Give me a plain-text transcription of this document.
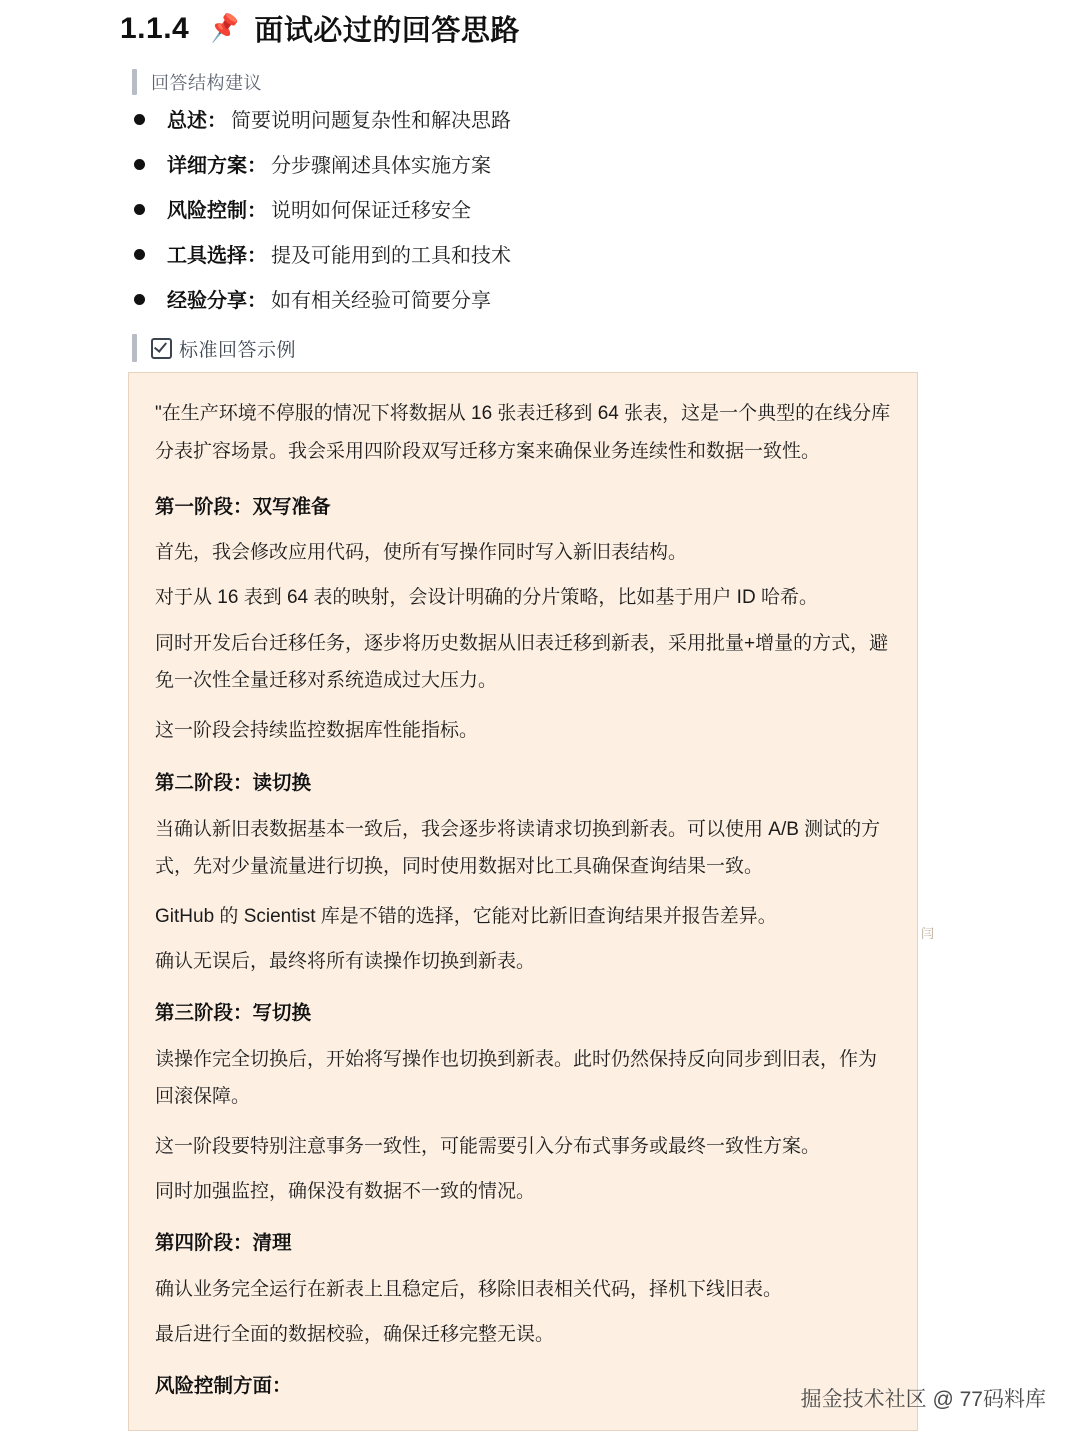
1.1.4 📌 面试必过的回答思路
回答结构建议
总述 ： 简要说明问题复杂性和解决思路
详细方案 ： 分步骤阐述具体实施方案
风险控制 ： 说明如何保证迁移安全
工具选择 ： 提及可能用到的工具和技术
经验分享 ： 如有相关经验可简要分享
标准回答示例

"在生产环境不停服的情况下将数据从 16 张表迁移到 64 张表，这是一个典型的在线分库分表扩容场景。我会采用四阶段双写迁移方案来确保业务连续性和数据一致性。

第一阶段：双写准备

首先，我会修改应用代码，使所有写操作同时写入新旧表结构。

对于从 16 表到 64 表的映射，会设计明确的分片策略，比如基于用户 ID 哈希。

同时开发后台迁移任务，逐步将历史数据从旧表迁移到新表，采用批量+增量的方式，避免一次性全量迁移对系统造成过大压力。

这一阶段会持续监控数据库性能指标。

第二阶段：读切换

当确认新旧表数据基本一致后，我会逐步将读请求切换到新表。可以使用 A/B 测试的方式，先对少量流量进行切换，同时使用数据对比工具确保查询结果一致。

GitHub 的 Scientist 库是不错的选择，它能对比新旧查询结果并报告差异。

确认无误后，最终将所有读操作切换到新表。

第三阶段：写切换

读操作完全切换后，开始将写操作也切换到新表。此时仍然保持反向同步到旧表，作为回滚保障。

这一阶段要特别注意事务一致性，可能需要引入分布式事务或最终一致性方案。

同时加强监控，确保没有数据不一致的情况。

第四阶段：清理

确认业务完全运行在新表上且稳定后，移除旧表相关代码，择机下线旧表。

最后进行全面的数据校验，确保迁移完整无误。

风险控制方面：

闫
掘金技术社区 @ 77码料库
